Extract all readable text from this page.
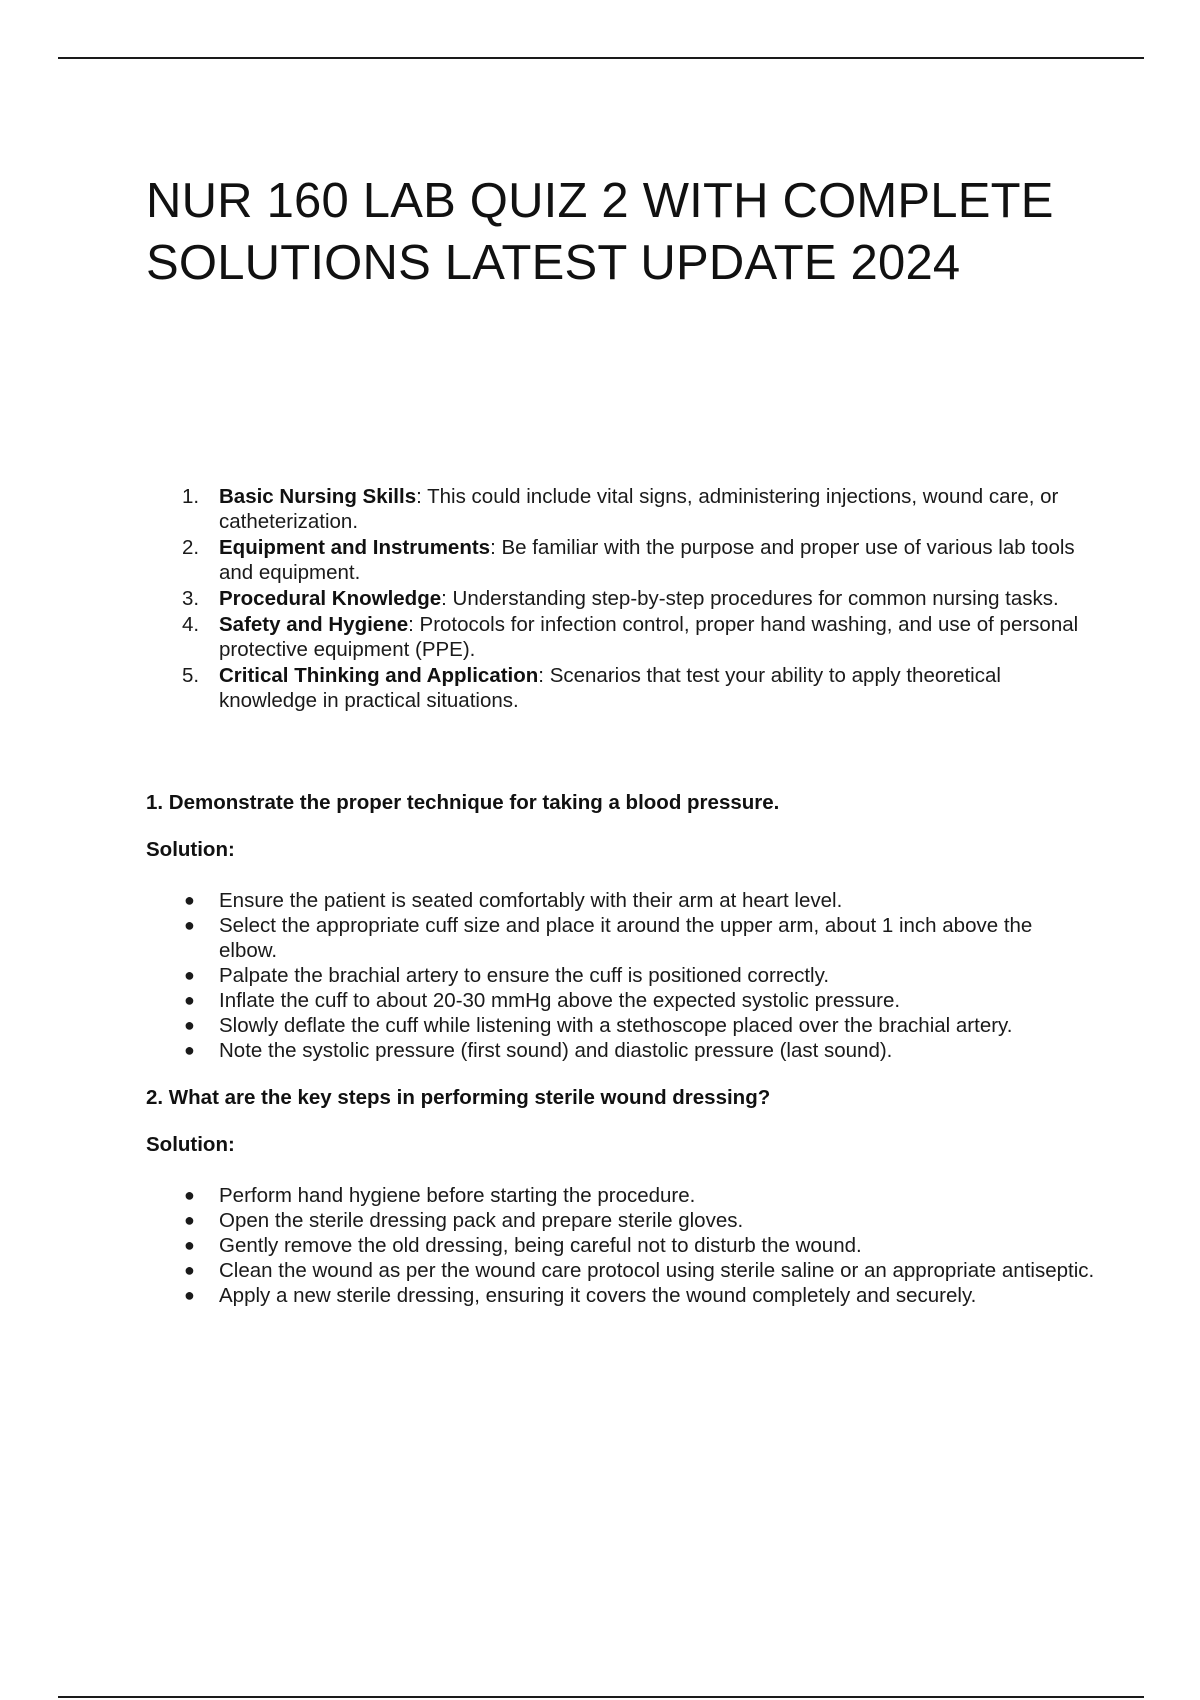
NUR 160 LAB QUIZ 2 WITH COMPLETE SOLUTIONS LATEST UPDATE 2024
1. Basic Nursing Skills: This could include vital signs, administering injections, wound care, or catheterization.
2. Equipment and Instruments: Be familiar with the purpose and proper use of various lab tools and equipment.
3. Procedural Knowledge: Understanding step-by-step procedures for common nursing tasks.
4. Safety and Hygiene: Protocols for infection control, proper hand washing, and use of personal protective equipment (PPE).
5. Critical Thinking and Application: Scenarios that test your ability to apply theoretical knowledge in practical situations.

1. Demonstrate the proper technique for taking a blood pressure.

Solution:

● Ensure the patient is seated comfortably with their arm at heart level.
● Select the appropriate cuff size and place it around the upper arm, about 1 inch above the elbow.
● Palpate the brachial artery to ensure the cuff is positioned correctly.
● Inflate the cuff to about 20-30 mmHg above the expected systolic pressure.
● Slowly deflate the cuff while listening with a stethoscope placed over the brachial artery.
● Note the systolic pressure (first sound) and diastolic pressure (last sound).

2. What are the key steps in performing sterile wound dressing?

Solution:

● Perform hand hygiene before starting the procedure.
● Open the sterile dressing pack and prepare sterile gloves.
● Gently remove the old dressing, being careful not to disturb the wound.
● Clean the wound as per the wound care protocol using sterile saline or an appropriate antiseptic.
● Apply a new sterile dressing, ensuring it covers the wound completely and securely.
